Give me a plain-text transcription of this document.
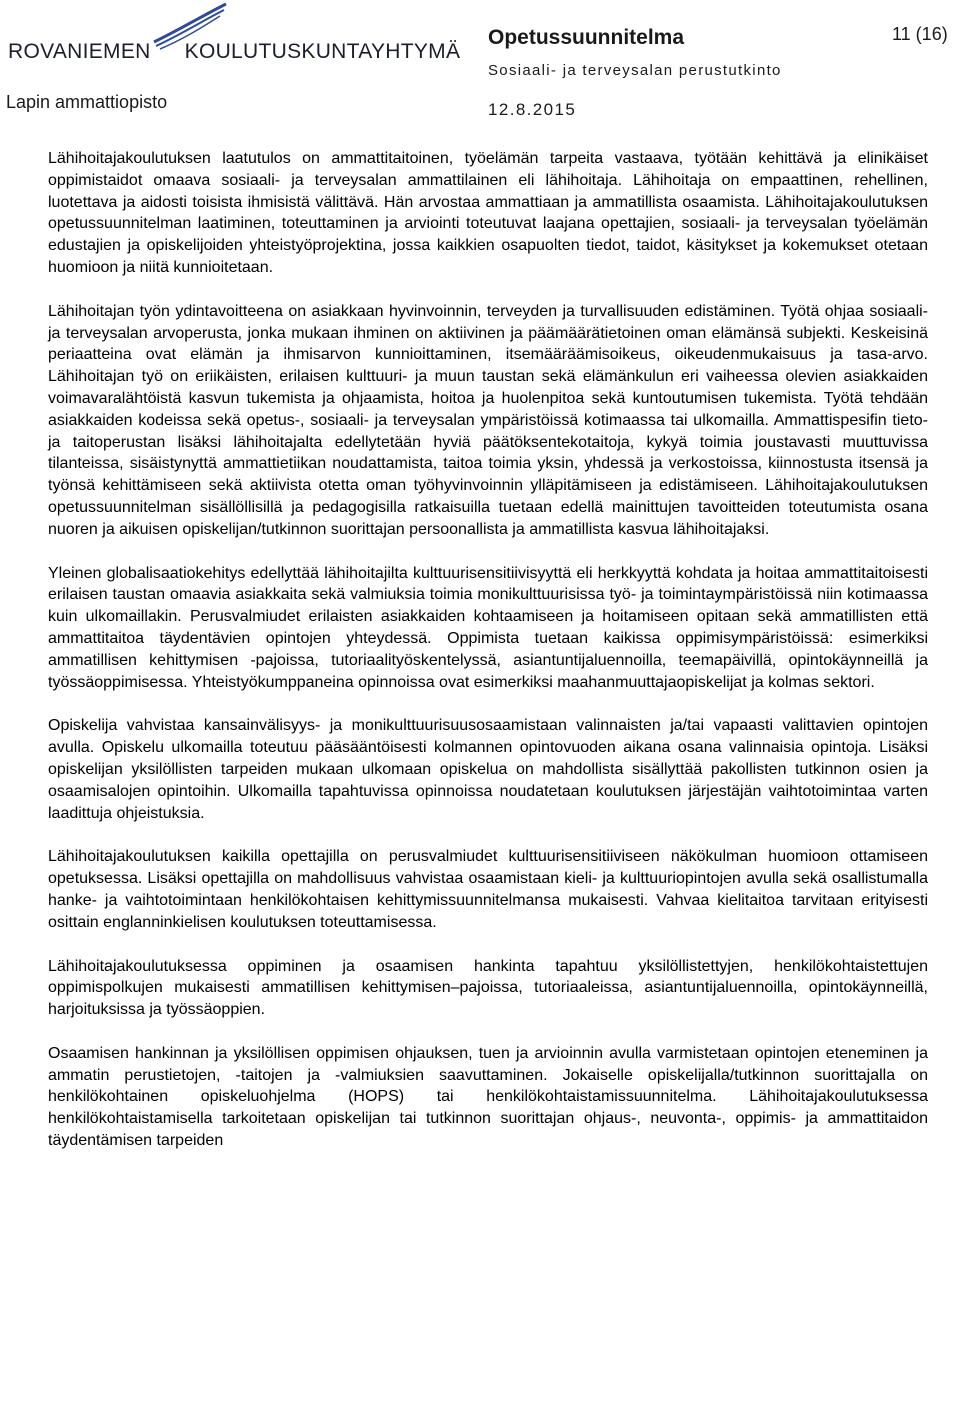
ROVANIEMEN KOULUTUSKUNTAYHTYMÄ
Lapin ammattiopisto
Opetussuunnitelma
Sosiaali- ja terveysalan perustutkinto
12.8.2015
11 (16)

Lähihoitajakoulutuksen laatutulos on ammattitaitoinen, työelämän tarpeita vastaava, työtään kehittävä ja elinikäiset oppimistaidot omaava sosiaali- ja terveysalan ammattilainen eli lähihoitaja. Lähihoitaja on empaattinen, rehellinen, luotettava ja aidosti toisista ihmisistä välittävä. Hän arvostaa ammattiaan ja ammatillista osaamista. Lähihoitajakoulutuksen opetussuunnitelman laatiminen, toteuttaminen ja arviointi toteutuvat laajana opettajien, sosiaali- ja terveysalan työelämän edustajien ja opiskelijoiden yhteistyöprojektina, jossa kaikkien osapuolten tiedot, taidot, käsitykset ja kokemukset otetaan huomioon ja niitä kunnioitetaan.

Lähihoitajan työn ydintavoitteena on asiakkaan hyvinvoinnin, terveyden ja turvallisuuden edistäminen. Työtä ohjaa sosiaali- ja terveysalan arvoperusta, jonka mukaan ihminen on aktiivinen ja päämäärätietoinen oman elämänsä subjekti. Keskeisinä periaatteina ovat elämän ja ihmisarvon kunnioittaminen, itsemääräämisoikeus, oikeudenmukaisuus ja tasa-arvo. Lähihoitajan työ on eriikäisten, erilaisen kulttuuri- ja muun taustan sekä elämänkulun eri vaiheessa olevien asiakkaiden voimavaralähtöistä kasvun tukemista ja ohjaamista, hoitoa ja huolenpitoa sekä kuntoutumisen tukemista. Työtä tehdään asiakkaiden kodeissa sekä opetus-, sosiaali- ja terveysalan ympäristöissä kotimaassa tai ulkomailla. Ammattispesifin tieto- ja taitoperustan lisäksi lähihoitajalta edellytetään hyviä päätöksentekotaitoja, kykyä toimia joustavasti muuttuvissa tilanteissa, sisäistynyttä ammattietiikan noudattamista, taitoa toimia yksin, yhdessä ja verkostoissa, kiinnostusta itsensä ja työnsä kehittämiseen sekä aktiivista otetta oman työhyvinvoinnin ylläpitämiseen ja edistämiseen. Lähihoitajakoulutuksen opetussuunnitelman sisällöllisillä ja pedagogisilla ratkaisuilla tuetaan edellä mainittujen tavoitteiden toteutumista osana nuoren ja aikuisen opiskelijan/tutkinnon suorittajan persoonallista ja ammatillista kasvua lähihoitajaksi.

Yleinen globalisaatiokehitys edellyttää lähihoitajilta kulttuurisensitiivisyyttä eli herkkyyttä kohdata ja hoitaa ammattitaitoisesti erilaisen taustan omaavia asiakkaita sekä valmiuksia toimia monikulttuurisissa työ- ja toimintaympäristöissä niin kotimaassa kuin ulkomaillakin. Perusvalmiudet erilaisten asiakkaiden kohtaamiseen ja hoitamiseen opitaan sekä ammatillisten että ammattitaitoa täydentävien opintojen yhteydessä. Oppimista tuetaan kaikissa oppimisympäristöissä: esimerkiksi ammatillisen kehittymisen -pajoissa, tutoriaalityöskentelyssä, asiantuntijaluennoilla, teemapäivillä, opintokäynneillä ja työssäoppimisessa. Yhteistyökumppaneina opinnoissa ovat esimerkiksi maahanmuuttajaopiskelijat ja kolmas sektori.

Opiskelija vahvistaa kansainvälisyys- ja monikulttuurisuusosaamistaan valinnaisten ja/tai vapaasti valittavien opintojen avulla. Opiskelu ulkomailla toteutuu pääsääntöisesti kolmannen opintovuoden aikana osana valinnaisia opintoja. Lisäksi opiskelijan yksilöllisten tarpeiden mukaan ulkomaan opiskelua on mahdollista sisällyttää pakollisten tutkinnon osien ja osaamisalojen opintoihin. Ulkomailla tapahtuvissa opinnoissa noudatetaan koulutuksen järjestäjän vaihtotoimintaa varten laadittuja ohjeistuksia.

Lähihoitajakoulutuksen kaikilla opettajilla on perusvalmiudet kulttuurisensitiiviseen näkökulman huomioon ottamiseen opetuksessa. Lisäksi opettajilla on mahdollisuus vahvistaa osaamistaan kieli- ja kulttuuriopintojen avulla sekä osallistumalla hanke- ja vaihtotoimintaan henkilökohtaisen kehittymissuunnitelmansa mukaisesti. Vahvaa kielitaitoa tarvitaan erityisesti osittain englanninkielisen koulutuksen toteuttamisessa.

Lähihoitajakoulutuksessa oppiminen ja osaamisen hankinta tapahtuu yksilöllistettyjen, henkilökohtaistettujen oppimispolkujen mukaisesti ammatillisen kehittymisen–pajoissa, tutoriaaleissa, asiantuntijaluennoilla, opintokäynneillä, harjoituksissa ja työssäoppien.

Osaamisen hankinnan ja yksilöllisen oppimisen ohjauksen, tuen ja arvioinnin avulla varmistetaan opintojen eteneminen ja ammatin perustietojen, -taitojen ja -valmiuksien saavuttaminen. Jokaiselle opiskelijalla/tutkinnon suorittajalla on henkilökohtainen opiskeluohjelma (HOPS) tai henkilökohtaistamissuunnitelma. Lähihoitajakoulutuksessa henkilökohtaistamisella tarkoitetaan opiskelijan tai tutkinnon suorittajan ohjaus-, neuvonta-, oppimis- ja ammattitaidon täydentämisen tarpeiden
